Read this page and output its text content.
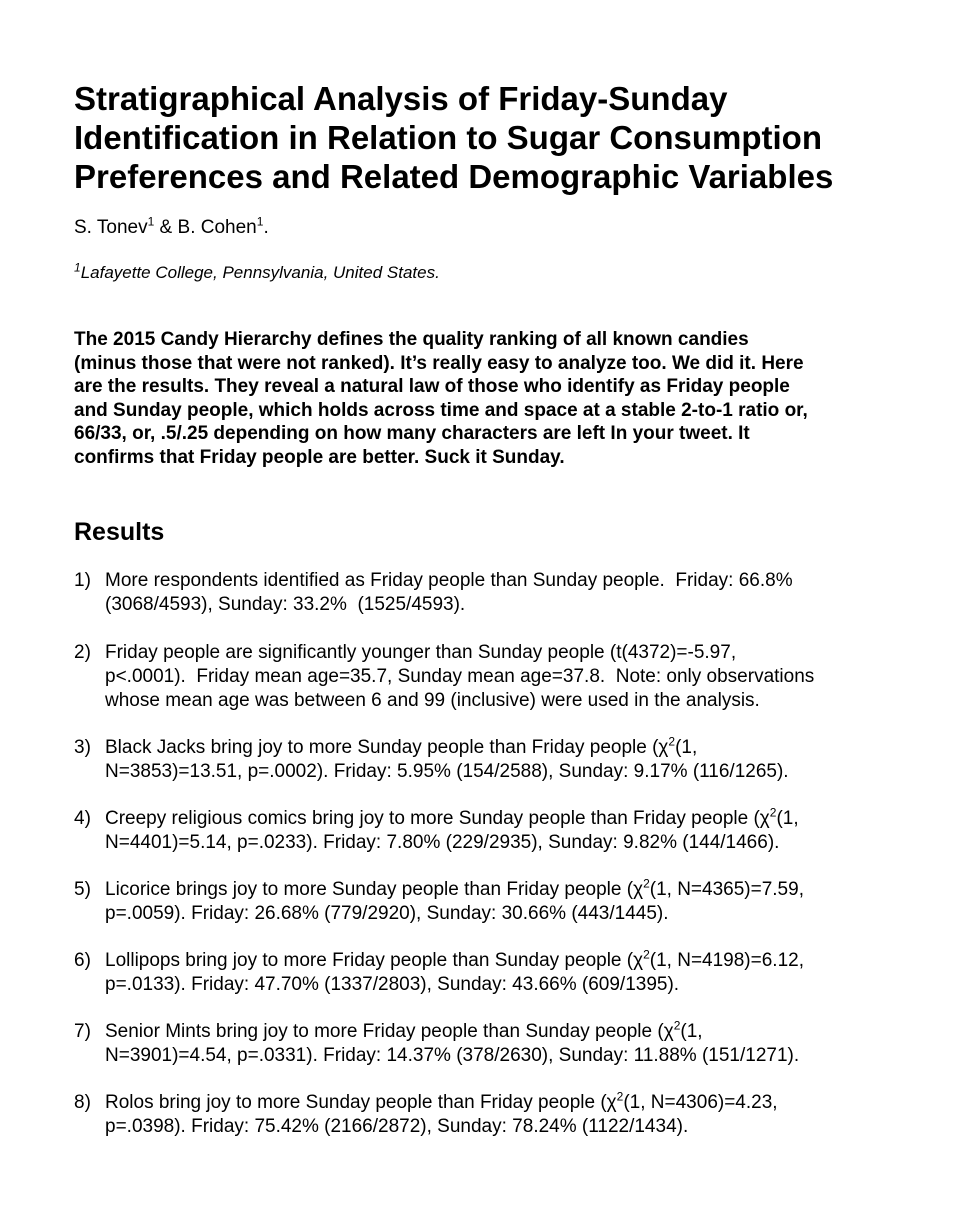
Stratigraphical Analysis of Friday-Sunday
Identification in Relation to Sugar Consumption
Preferences and Related Demographic Variables
S. Tonev$^1$ & B. Cohen$^1$.
$^1$Lafayette College, Pennsylvania, United States.
The 2015 Candy Hierarchy defines the quality ranking of all known candies
(minus those that were not ranked). It’s really easy to analyze too. We did it. Here
are the results. They reveal a natural law of those who identify as Friday people
and Sunday people, which holds across time and space at a stable 2-to-1 ratio or,
66/33, or, .5/.25 depending on how many characters are left In your tweet. It
confirms that Friday people are better. Suck it Sunday.
Results
1) More respondents identified as Friday people than Sunday people.  Friday: 66.8%
(3068/4593), Sunday: 33.2%  (1525/4593).
2) Friday people are significantly younger than Sunday people (t(4372)=-5.97,
p<.0001).  Friday mean age=35.7, Sunday mean age=37.8.  Note: only observations
whose mean age was between 6 and 99 (inclusive) were used in the analysis.
3) Black Jacks bring joy to more Sunday people than Friday people ($\chi^2(1$,
N=3853)=13.51, p=.0002). Friday: 5.95% (154/2588), Sunday: 9.17% (116/1265).
4) Creepy religious comics bring joy to more Sunday people than Friday people ($\chi^2(1$,
N=4401)=5.14, p=.0233). Friday: 7.80% (229/2935), Sunday: 9.82% (144/1466).
5) Licorice brings joy to more Sunday people than Friday people ($\chi^2(1$, N=4365)=7.59,
p=.0059). Friday: 26.68% (779/2920), Sunday: 30.66% (443/1445).
6) Lollipops bring joy to more Friday people than Sunday people ($\chi^2(1$, N=4198)=6.12,
p=.0133). Friday: 47.70% (1337/2803), Sunday: 43.66% (609/1395).
7) Senior Mints bring joy to more Friday people than Sunday people ($\chi^2(1$,
N=3901)=4.54, p=.0331). Friday: 14.37% (378/2630), Sunday: 11.88% (151/1271).
8) Rolos bring joy to more Sunday people than Friday people ($\chi^2(1$, N=4306)=4.23,
p=.0398). Friday: 75.42% (2166/2872), Sunday: 78.24% (1122/1434).
